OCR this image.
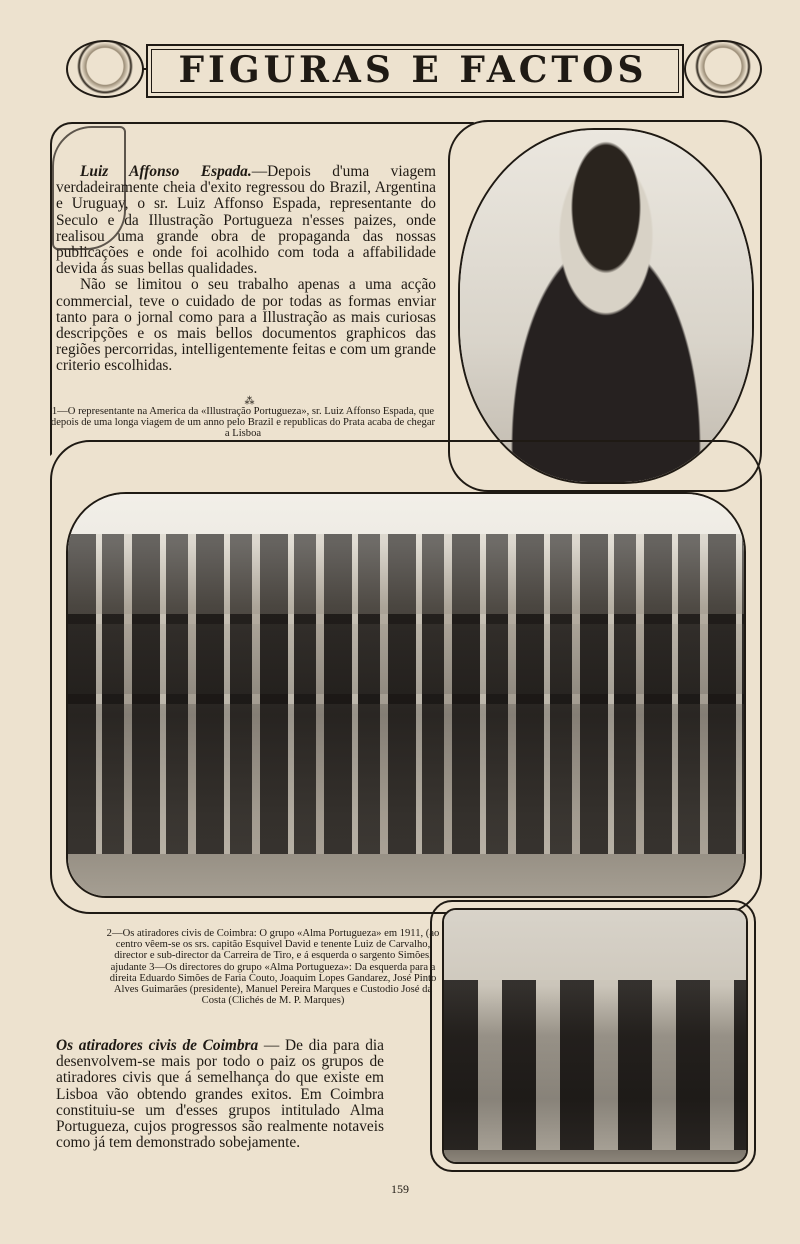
FIGURAS E FACTOS

Luiz Affonso Espada.—Depois d'uma viagem verdadeiramente cheia d'exito regressou do Brazil, Argentina e Uruguay, o sr. Luiz Affonso Espada, representante do Seculo e da Illustração Portugueza n'esses paizes, onde realisou uma grande obra de propaganda das nossas publicações e onde foi acolhido com toda a affabilidade devida ás suas bellas qualidades.

Não se limitou o seu trabalho apenas a uma acção commercial, teve o cuidado de por todas as formas enviar tanto para o jornal como para a Illustração as mais curiosas descripções e os mais bellos documentos graphicos das regiões percorridas, intelligentemente feitas e com um grande criterio escolhidas.

⁂
1—O representante na America da «Illustração Portugueza», sr. Luiz Affonso Espada, que depois de uma longa viagem de um anno pelo Brazil e republicas do Prata acaba de chegar a Lisboa
2—Os atiradores civis de Coimbra: O grupo «Alma Portugueza» em 1911, (ao centro vêem-se os srs. capitão Esquivel David e tenente Luiz de Carvalho, director e sub-director da Carreira de Tiro, e á esquerda o sargento Simões, ajudante 3—Os directores do grupo «Alma Portugueza»: Da esquerda para a direita Eduardo Simões de Faria Couto, Joaquim Lopes Gandarez, José Pinto Alves Guimarães (presidente), Manuel Pereira Marques e Custodio José da Costa (Clichés de M. P. Marques)

Os atiradores civis de Coimbra — De dia para dia desenvolvem-se mais por todo o paiz os grupos de atiradores civis que á semelhança do que existe em Lisboa vão obtendo grandes exitos. Em Coimbra constituiu-se um d'esses grupos intitulado Alma Portugueza, cujos progressos são realmente notaveis como já tem demonstrado sobejamente.

159
